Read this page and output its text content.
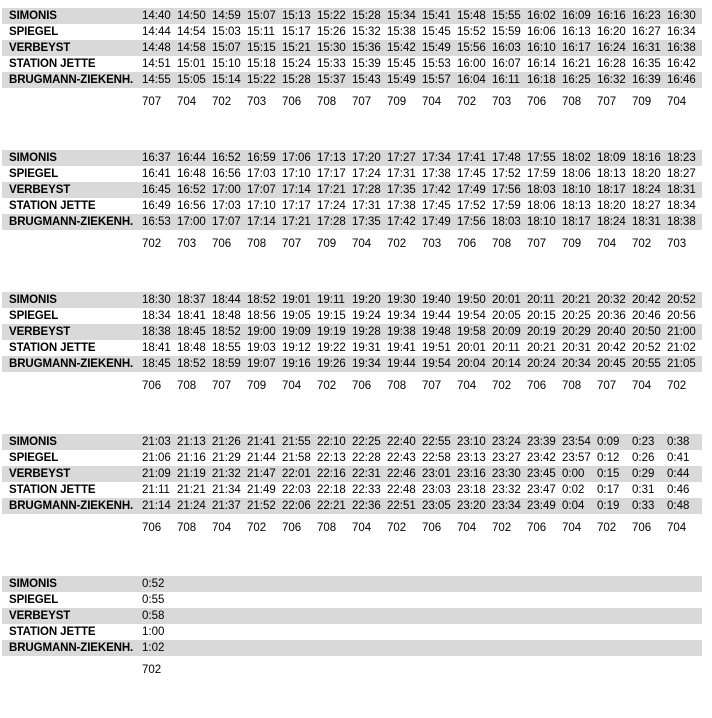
SIMONIS	14:40 14:50 14:59 15:07 15:13 15:22 15:28 15:34 15:41 15:48 15:55 16:02 16:09 16:16 16:23 16:30
SPIEGEL	14:44 14:54 15:03 15:11 15:17 15:26 15:32 15:38 15:45 15:52 15:59 16:06 16:13 16:20 16:27 16:34
VERBEYST	14:48 14:58 15:07 15:15 15:21 15:30 15:36 15:42 15:49 15:56 16:03 16:10 16:17 16:24 16:31 16:38
STATION JETTE	14:51 15:01 15:10 15:18 15:24 15:33 15:39 15:45 15:53 16:00 16:07 16:14 16:21 16:28 16:35 16:42
BRUGMANN-ZIEKENH. 14:55 15:05 15:14 15:22 15:28 15:37 15:43 15:49 15:57 16:04 16:11 16:18 16:25 16:32 16:39 16:46
707	704	702	703	706	708	707	709	704	702	703	706	708	707	709	704
SIMONIS	16:37 16:44 16:52 16:59 17:06 17:13 17:20 17:27 17:34 17:41 17:48 17:55 18:02 18:09 18:16 18:23
SPIEGEL	16:41 16:48 16:56 17:03 17:10 17:17 17:24 17:31 17:38 17:45 17:52 17:59 18:06 18:13 18:20 18:27
VERBEYST	16:45 16:52 17:00 17:07 17:14 17:21 17:28 17:35 17:42 17:49 17:56 18:03 18:10 18:17 18:24 18:31
STATION JETTE	16:49 16:56 17:03 17:10 17:17 17:24 17:31 17:38 17:45 17:52 17:59 18:06 18:13 18:20 18:27 18:34
BRUGMANN-ZIEKENH. 16:53 17:00 17:07 17:14 17:21 17:28 17:35 17:42 17:49 17:56 18:03 18:10 18:17 18:24 18:31 18:38
702	703	706	708	707	709	704	702	703	706	708	707	709	704	702	703
SIMONIS	18:30 18:37 18:44 18:52 19:01 19:11 19:20 19:30 19:40 19:50 20:01 20:11 20:21 20:32 20:42 20:52
SPIEGEL	18:34 18:41 18:48 18:56 19:05 19:15 19:24 19:34 19:44 19:54 20:05 20:15 20:25 20:36 20:46 20:56
VERBEYST	18:38 18:45 18:52 19:00 19:09 19:19 19:28 19:38 19:48 19:58 20:09 20:19 20:29 20:40 20:50 21:00
STATION JETTE	18:41 18:48 18:55 19:03 19:12 19:22 19:31 19:41 19:51 20:01 20:11 20:21 20:31 20:42 20:52 21:02
BRUGMANN-ZIEKENH. 18:45 18:52 18:59 19:07 19:16 19:26 19:34 19:44 19:54 20:04 20:14 20:24 20:34 20:45 20:55 21:05
706	708	707	709	704	702	706	708	707	704	702	706	708	707	704	702
SIMONIS	21:03 21:13 21:26 21:41 21:55 22:10 22:25 22:40 22:55 23:10 23:24 23:39 23:54 0:09	0:23	0:38
SPIEGEL	21:06 21:16 21:29 21:44 21:58 22:13 22:28 22:43 22:58 23:13 23:27 23:42 23:57 0:12	0:26	0:41
VERBEYST	21:09 21:19 21:32 21:47 22:01 22:16 22:31 22:46 23:01 23:16 23:30 23:45 0:00	0:15	0:29	0:44
STATION JETTE	21:11 21:21 21:34 21:49 22:03 22:18 22:33 22:48 23:03 23:18 23:32 23:47 0:02	0:17	0:31	0:46
BRUGMANN-ZIEKENH. 21:14 21:24 21:37 21:52 22:06 22:21 22:36 22:51 23:05 23:20 23:34 23:49 0:04	0:19	0:33	0:48
706	708	704	702	706	708	704	702	706	704	702	706	704	702	706	704
SIMONIS	0:52
SPIEGEL	0:55
VERBEYST	0:58
STATION JETTE	1:00
BRUGMANN-ZIEKENH. 1:02
702
